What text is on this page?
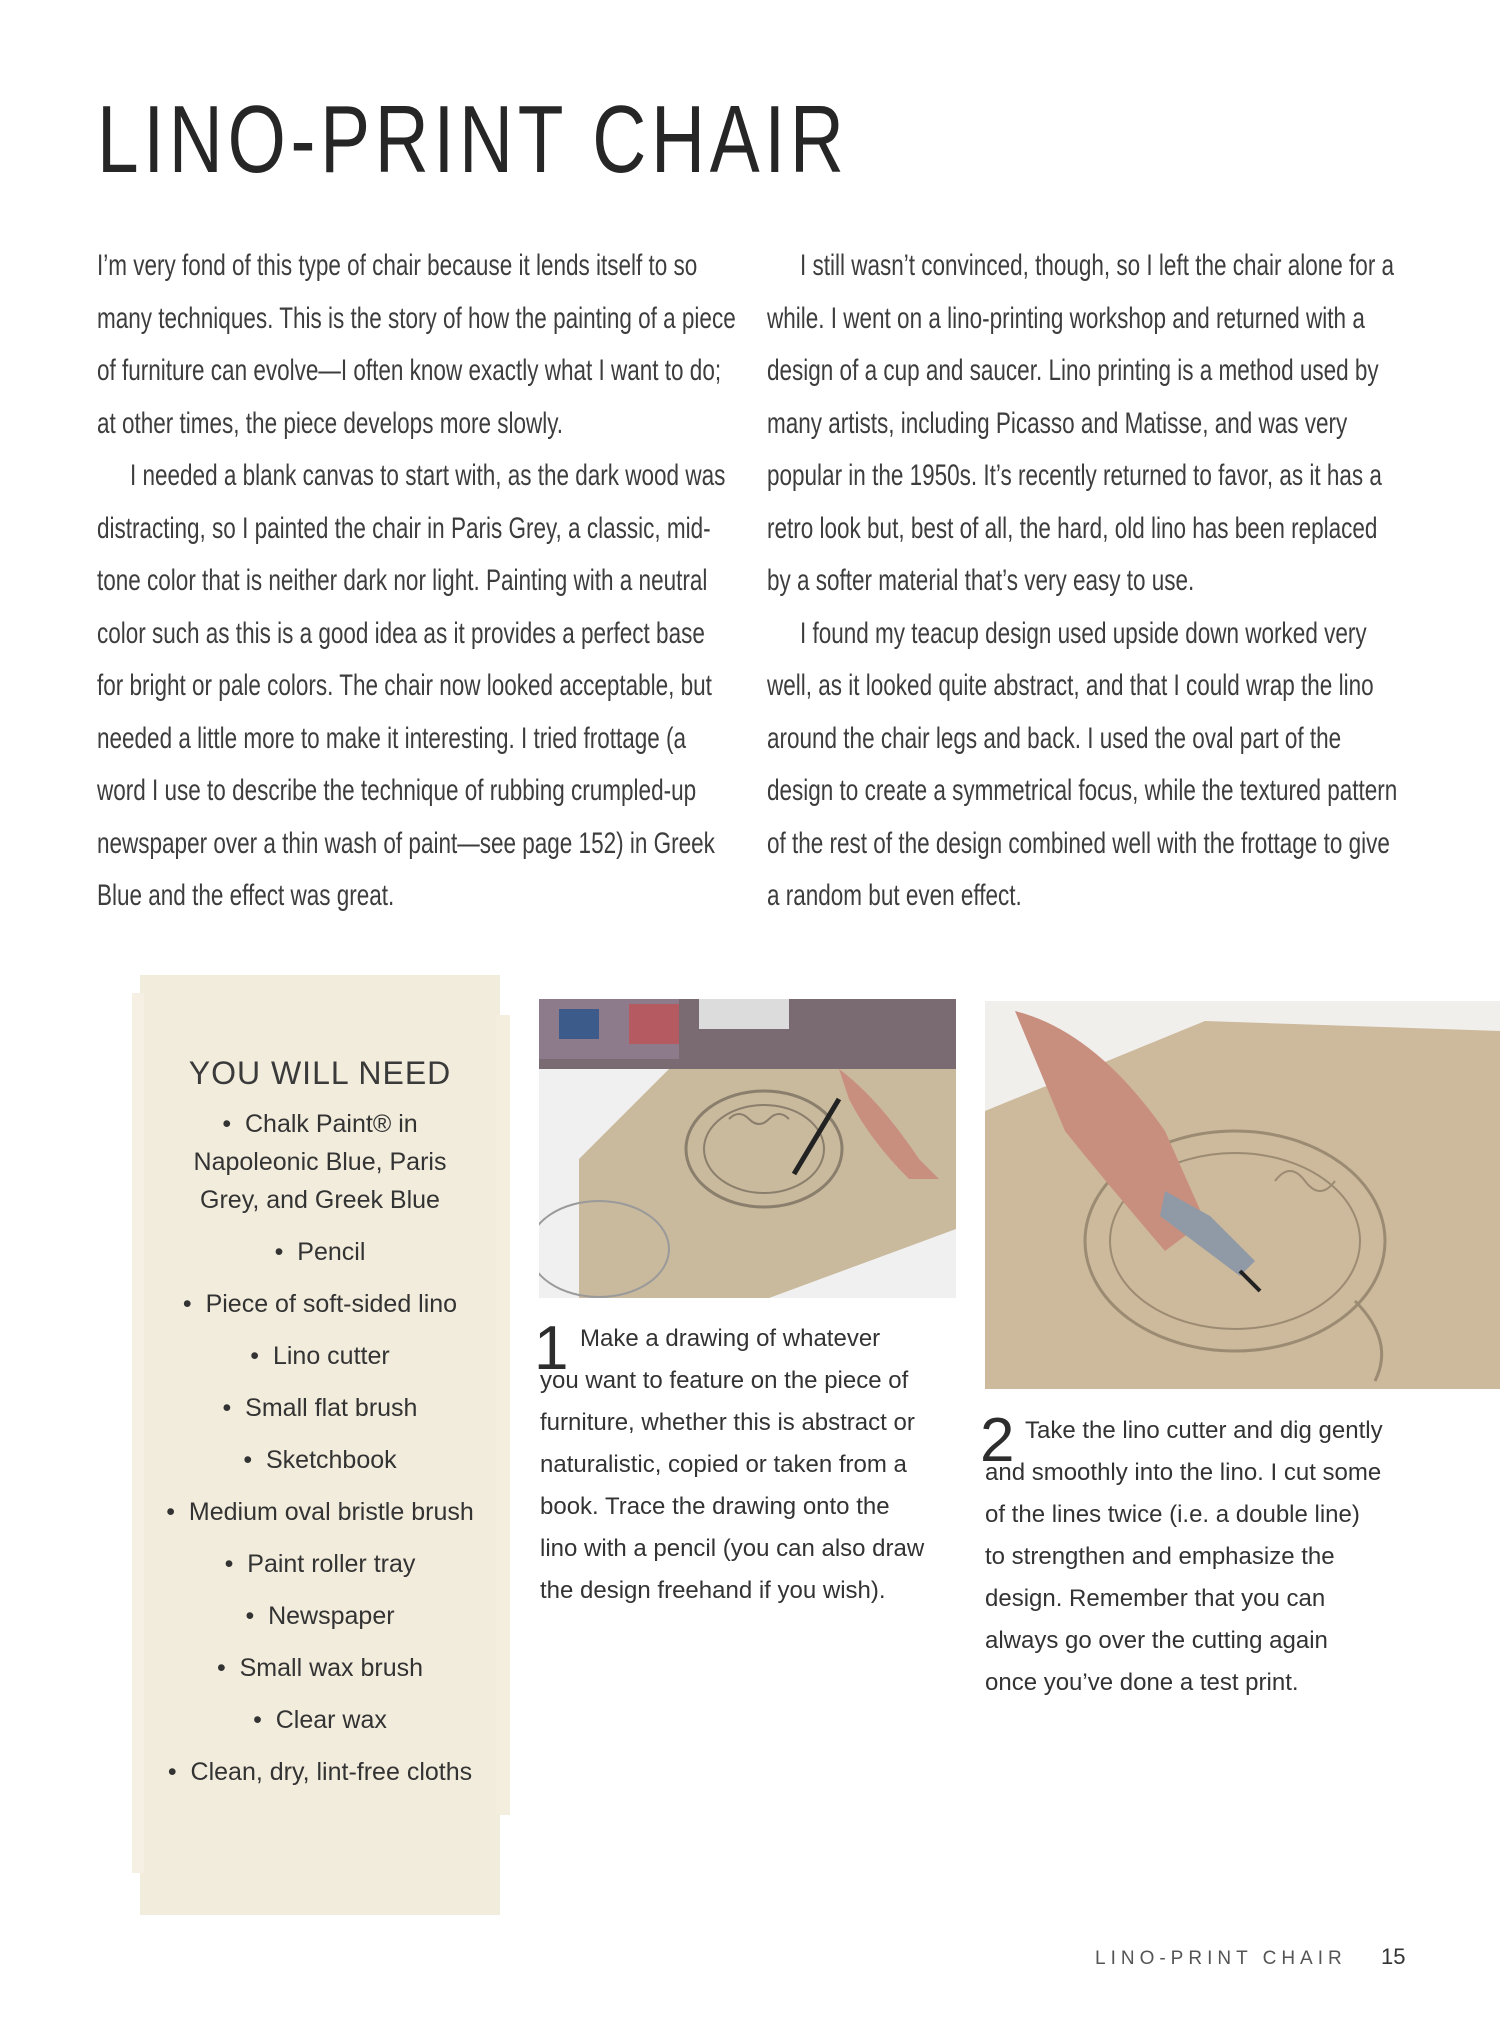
LINO-PRINT CHAIR

I’m very fond of this type of chair because it lends itself to so many techniques. This is the story of how the painting of a piece of furniture can evolve—I often know exactly what I want to do; at other times, the piece develops more slowly.

I needed a blank canvas to start with, as the dark wood was distracting, so I painted the chair in Paris Grey, a classic, mid-tone color that is neither dark nor light. Painting with a neutral color such as this is a good idea as it provides a perfect base for bright or pale colors. The chair now looked acceptable, but needed a little more to make it interesting. I tried frottage (a word I use to describe the technique of rubbing crumpled-up newspaper over a thin wash of paint—see page 152) in Greek Blue and the effect was great.

I still wasn’t convinced, though, so I left the chair alone for a while. I went on a lino-printing workshop and returned with a design of a cup and saucer. Lino printing is a method used by many artists, including Picasso and Matisse, and was very popular in the 1950s. It’s recently returned to favor, as it has a retro look but, best of all, the hard, old lino has been replaced by a softer material that’s very easy to use.

I found my teacup design used upside down worked very well, as it looked quite abstract, and that I could wrap the lino around the chair legs and back. I used the oval part of the design to create a symmetrical focus, while the textured pattern of the rest of the design combined well with the frottage to give a random but even effect.

YOU WILL NEED
•  Chalk Paint® in Napoleonic Blue, Paris Grey, and Greek Blue
•  Pencil
•  Piece of soft-sided lino
•  Lino cutter
•  Small flat brush
•  Sketchbook
•  Medium oval bristle brush
•  Paint roller tray
•  Newspaper
•  Small wax brush
•  Clear wax
•  Clean, dry, lint-free cloths
1 Make a drawing of whatever you want to feature on the piece of furniture, whether this is abstract or naturalistic, copied or taken from a book. Trace the drawing onto the lino with a pencil (you can also draw the design freehand if you wish).
2 Take the lino cutter and dig gently and smoothly into the lino. I cut some of the lines twice (i.e. a double line) to strengthen and emphasize the design. Remember that you can always go over the cutting again once you’ve done a test print.
LINO-PRINT CHAIR 15
